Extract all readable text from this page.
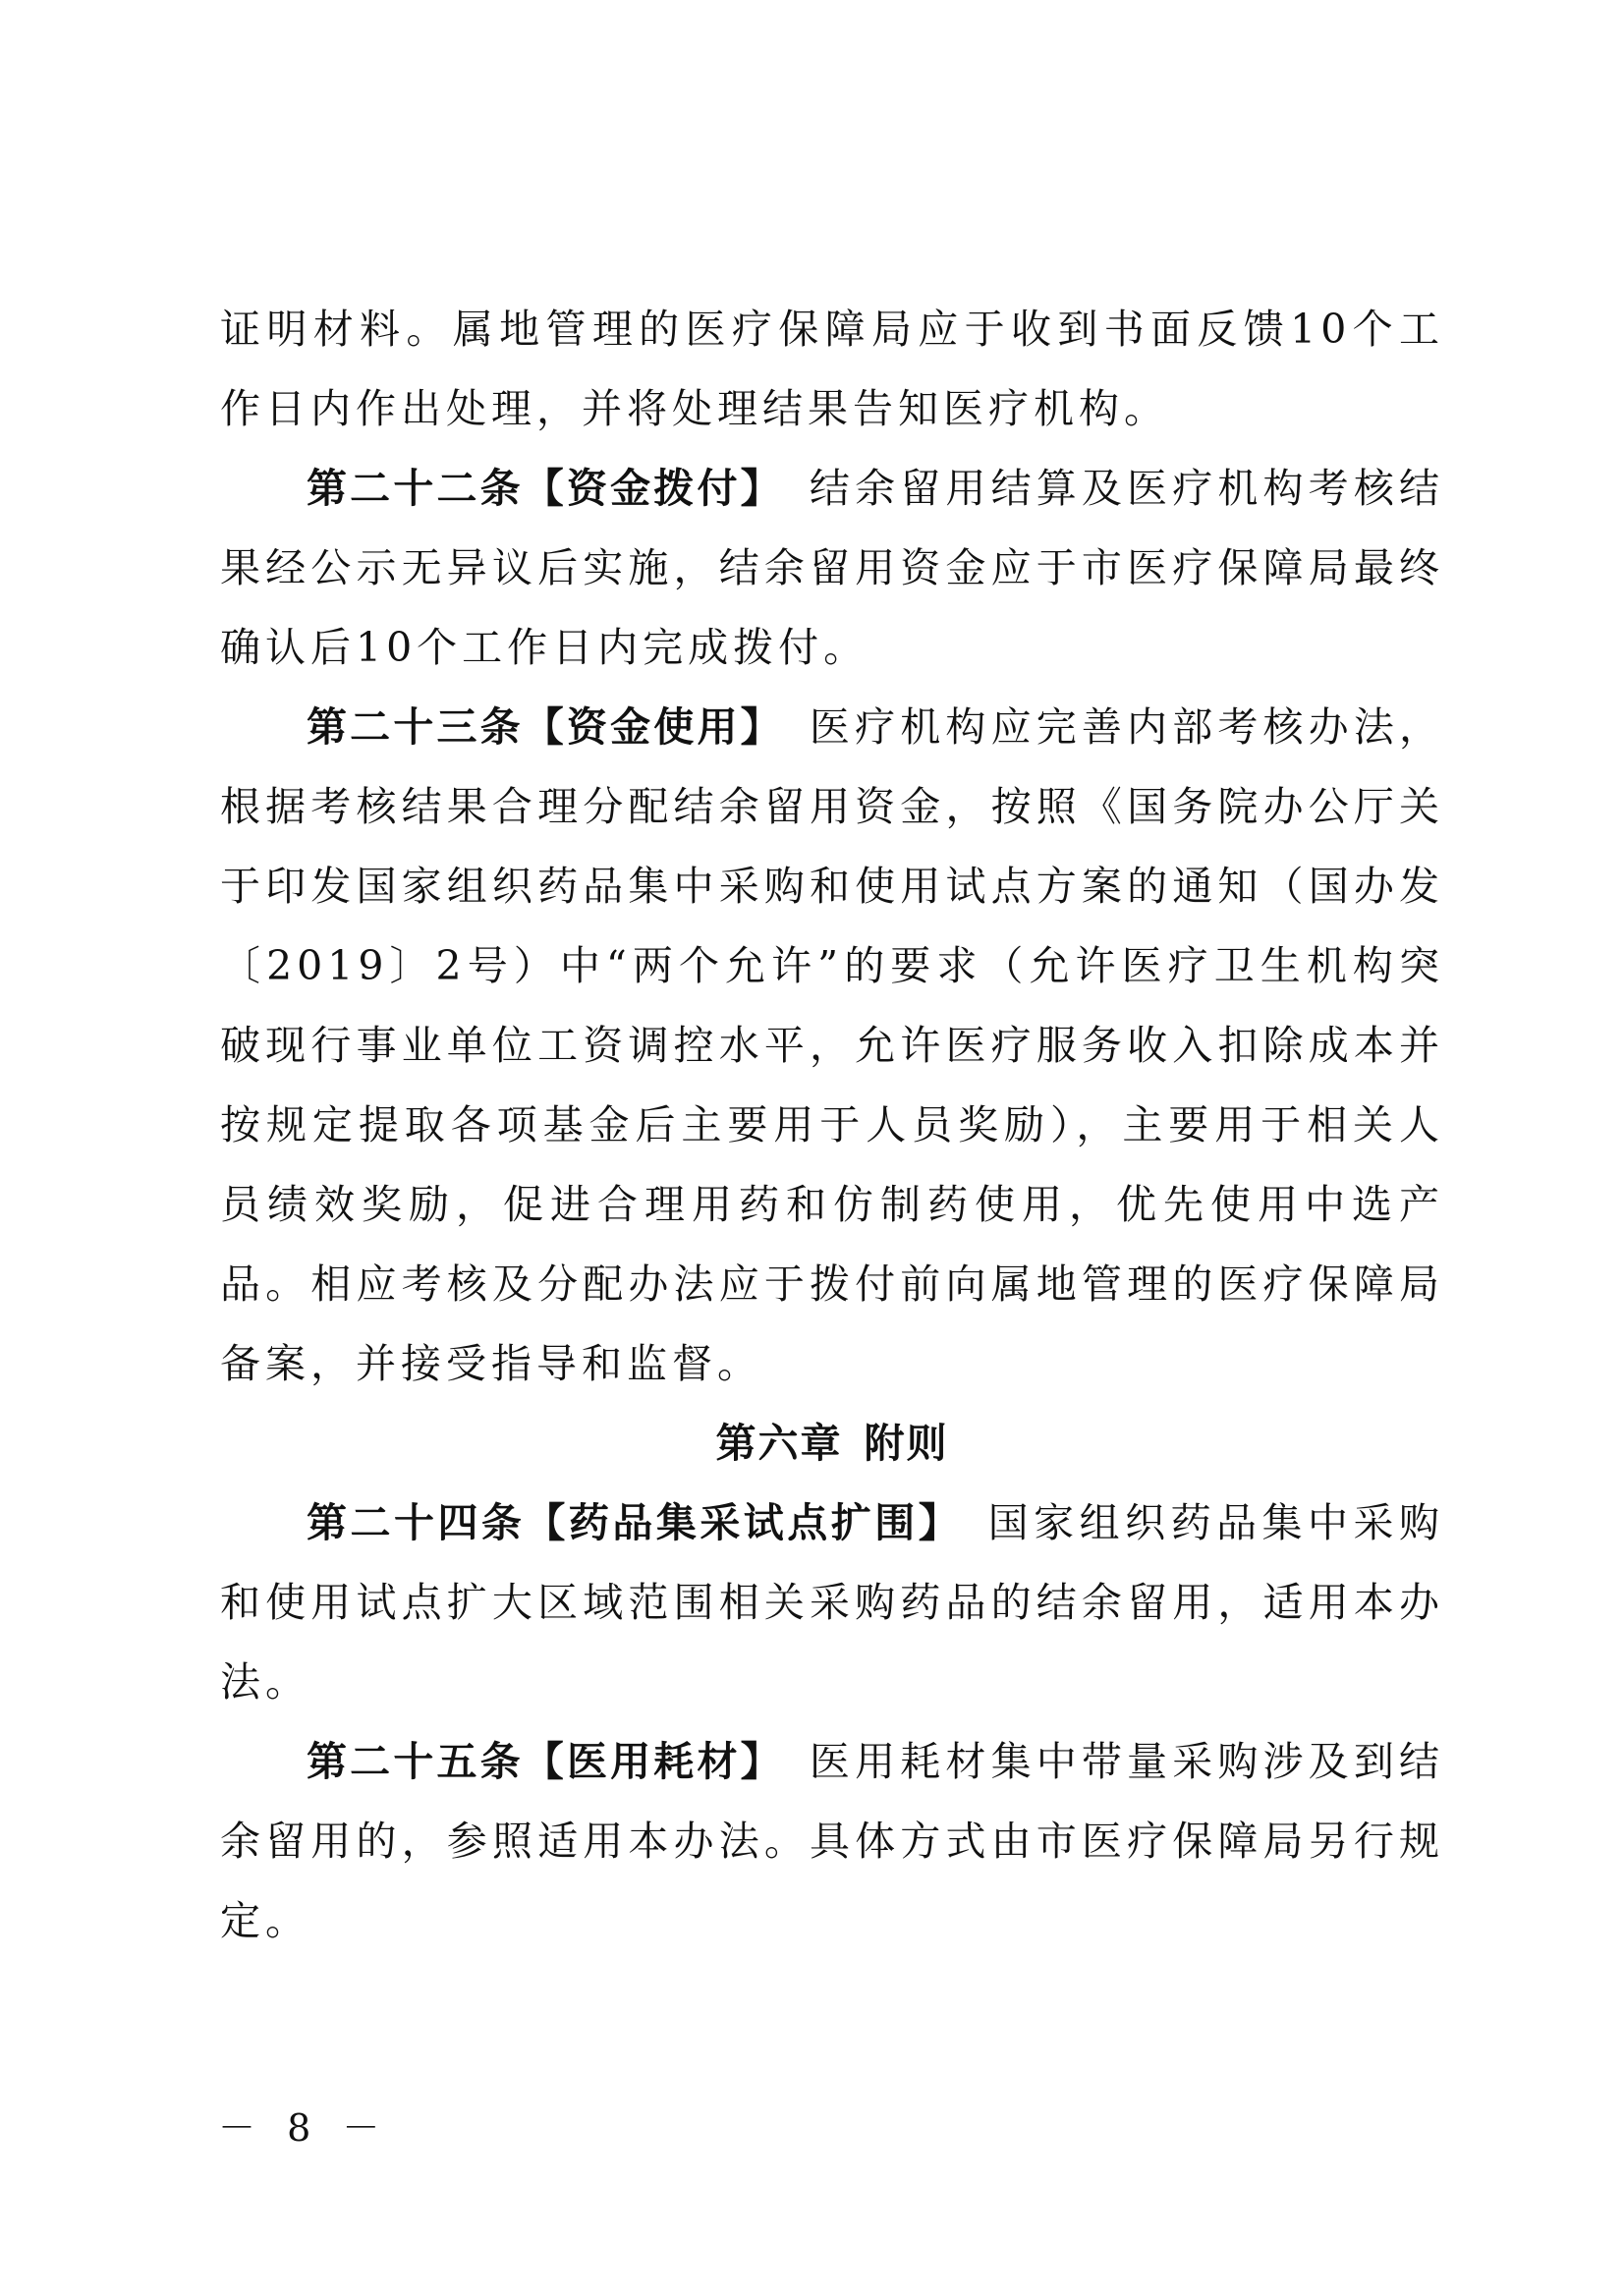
证明材料。属地管理的医疗保障局应于收到书面反馈10个工作日内作出处理，并将处理结果告知医疗机构。

第二十二条【资金拨付】 结余留用结算及医疗机构考核结果经公示无异议后实施，结余留用资金应于市医疗保障局最终确认后10个工作日内完成拨付。

第二十三条【资金使用】 医疗机构应完善内部考核办法，根据考核结果合理分配结余留用资金，按照《国务院办公厅关于印发国家组织药品集中采购和使用试点方案的通知（国办发〔2019〕2号）中“两个允许”的要求（允许医疗卫生机构突破现行事业单位工资调控水平，允许医疗服务收入扣除成本并按规定提取各项基金后主要用于人员奖励），主要用于相关人员绩效奖励，促进合理用药和仿制药使用，优先使用中选产品。相应考核及分配办法应于拨付前向属地管理的医疗保障局备案，并接受指导和监督。

第六章 附则

第二十四条【药品集采试点扩围】 国家组织药品集中采购和使用试点扩大区域范围相关采购药品的结余留用，适用本办法。

第二十五条【医用耗材】 医用耗材集中带量采购涉及到结余留用的，参照适用本办法。具体方式由市医疗保障局另行规定。

－ 8 －
